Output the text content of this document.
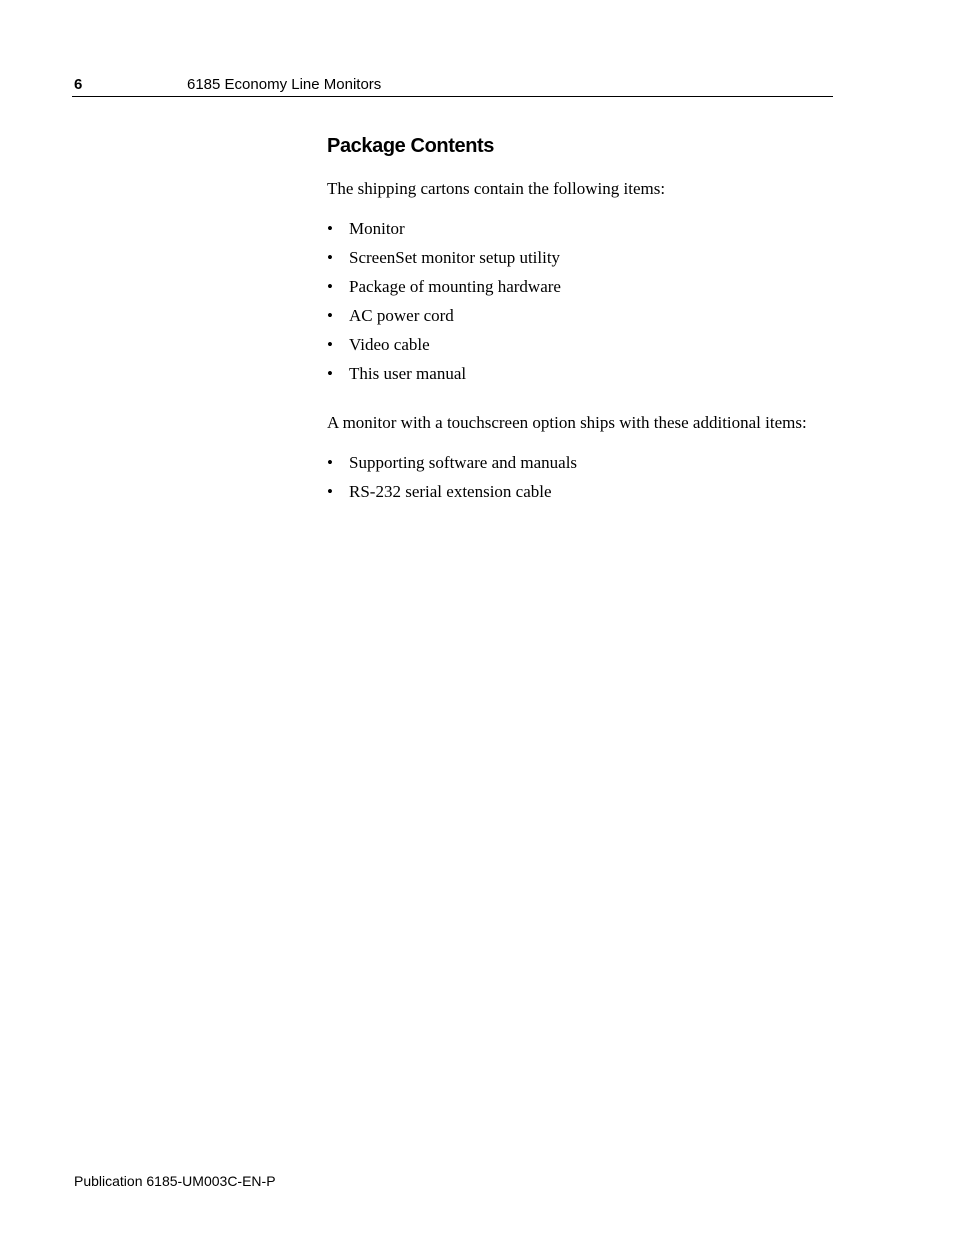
6	6185 Economy Line Monitors
Package Contents

The shipping cartons contain the following items:

• Monitor
• ScreenSet monitor setup utility
• Package of mounting hardware
• AC power cord
• Video cable
• This user manual

A monitor with a touchscreen option ships with these additional items:

• Supporting software and manuals
• RS-232 serial extension cable
Publication 6185-UM003C-EN-P
